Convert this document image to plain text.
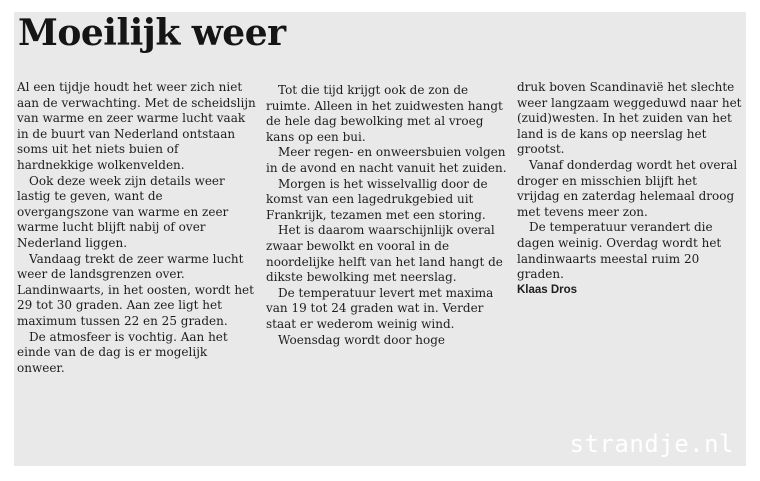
Moeilijk weer

Al een tijdje houdt het weer zich niet aan de verwachting. Met de scheidslijn van warme en zeer warme lucht vaak in de buurt van Nederland ontstaan soms uit het niets buien of hardnekkige wolkenvelden.

Ook deze week zijn details weer lastig te geven, want de overgangszone van warme en zeer warme lucht blijft nabij of over Nederland liggen.

Vandaag trekt de zeer warme lucht weer de landsgrenzen over. Landinwaarts, in het oosten, wordt het 29 tot 30 graden. Aan zee ligt het maximum tussen 22 en 25 graden.

De atmosfeer is vochtig. Aan het einde van de dag is er mogelijk onweer.

Tot die tijd krijgt ook de zon de ruimte. Alleen in het zuidwesten hangt de hele dag bewolking met al vroeg kans op een bui.

Meer regen- en onweersbuien volgen in de avond en nacht vanuit het zuiden.

Morgen is het wisselvallig door de komst van een lagedrukgebied uit Frankrijk, tezamen met een storing.

Het is daarom waarschijnlijk overal zwaar bewolkt en vooral in de noordelijke helft van het land hangt de dikste bewolking met neerslag.

De temperatuur levert met maxima van 19 tot 24 graden wat in. Verder staat er wederom weinig wind.

Woensdag wordt door hoge

druk boven Scandinavië het slechte weer langzaam weggeduwd naar het (zuid)westen. In het zuiden van het land is de kans op neerslag het grootst.

Vanaf donderdag wordt het overal droger en misschien blijft het vrijdag en zaterdag helemaal droog met tevens meer zon.

De temperatuur verandert die dagen weinig. Overdag wordt het landinwaarts meestal ruim 20 graden.

Klaas Dros
strandje.nl
